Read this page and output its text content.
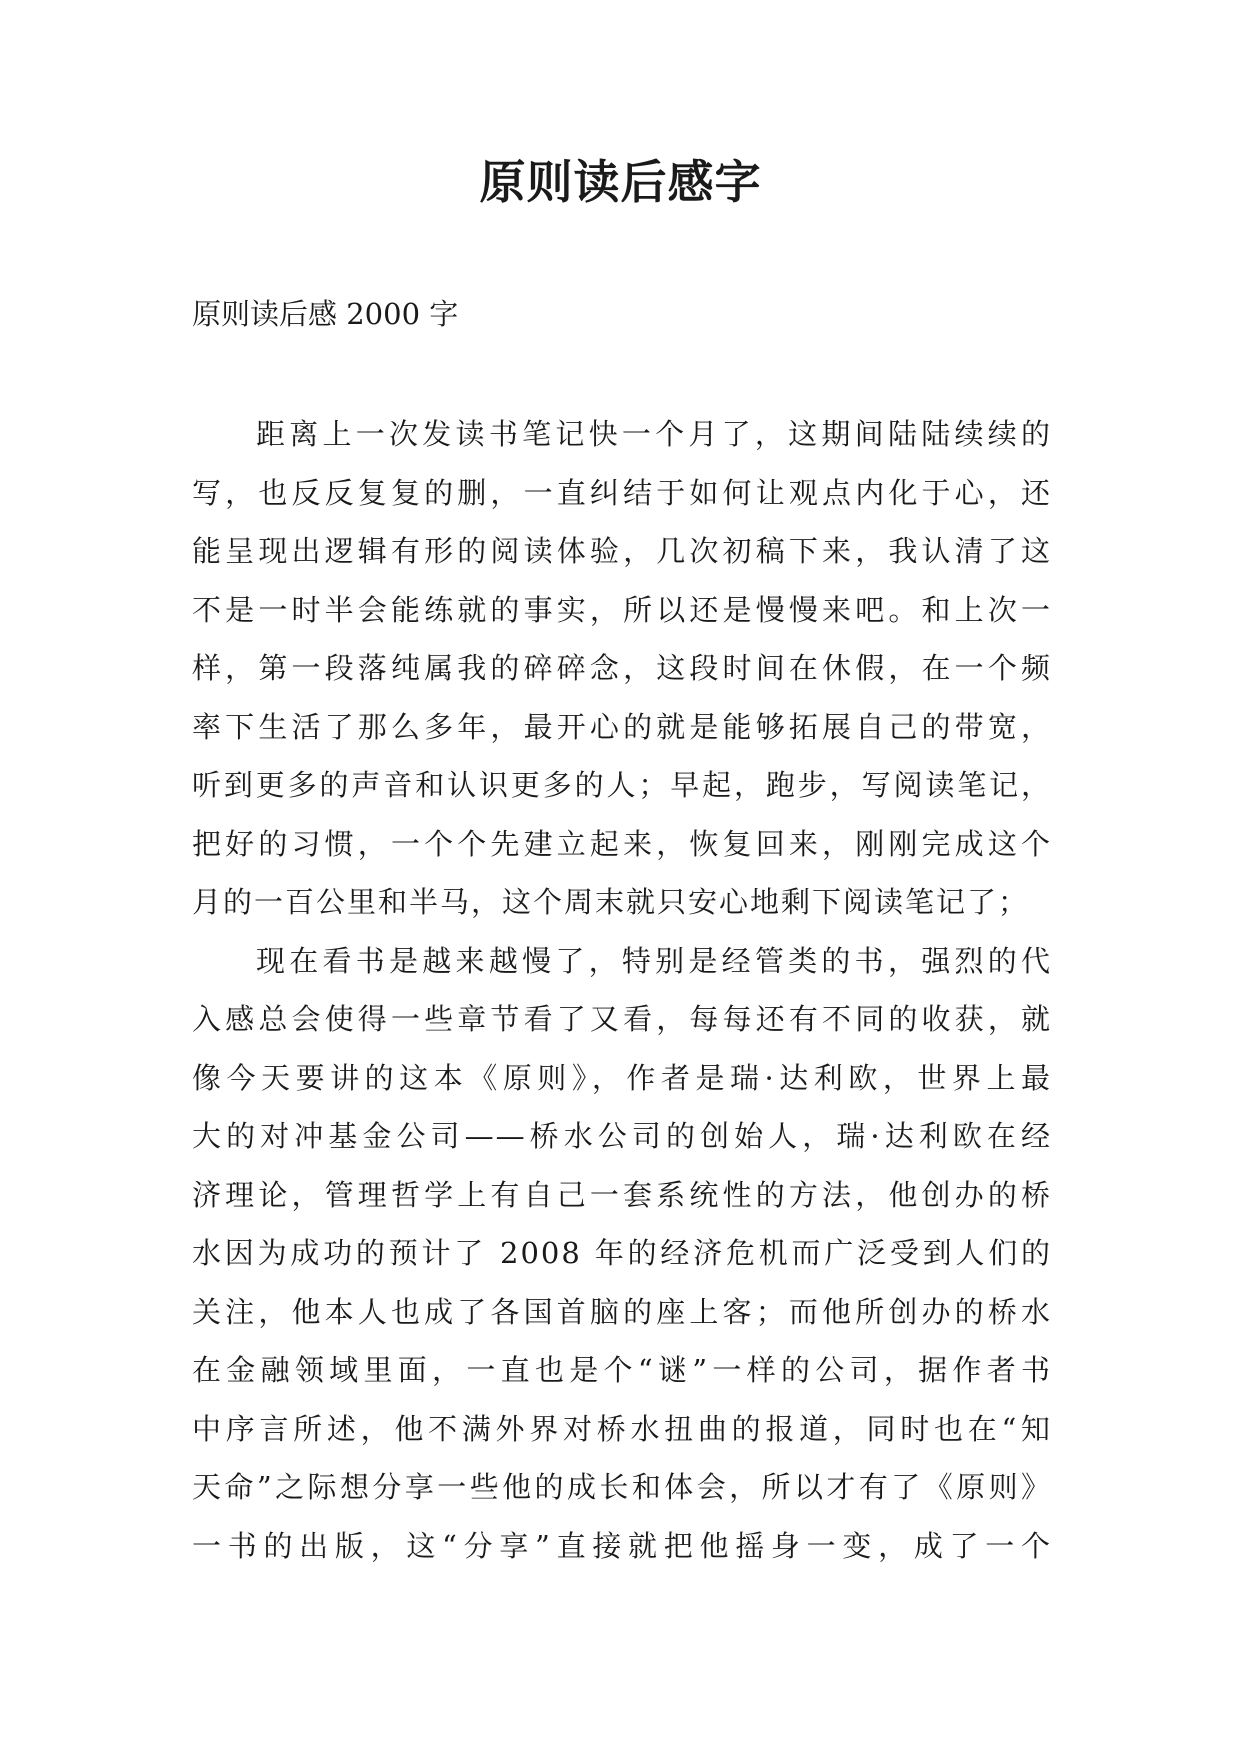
原则读后感字

原则读后感 2000 字

距离上一次发读书笔记快一个月了，这期间陆陆续续的
写，也反反复复的删，一直纠结于如何让观点内化于心，还
能呈现出逻辑有形的阅读体验，几次初稿下来，我认清了这
不是一时半会能练就的事实，所以还是慢慢来吧。和上次一
样，第一段落纯属我的碎碎念，这段时间在休假，在一个频
率下生活了那么多年，最开心的就是能够拓展自己的带宽，
听到更多的声音和认识更多的人；早起，跑步，写阅读笔记，
把好的习惯，一个个先建立起来，恢复回来，刚刚完成这个
月的一百公里和半马，这个周末就只安心地剩下阅读笔记了；
现在看书是越来越慢了，特别是经管类的书，强烈的代
入感总会使得一些章节看了又看，每每还有不同的收获，就
像今天要讲的这本《原则》，作者是瑞·达利欧，世界上最
大的对冲基金公司——桥水公司的创始人，瑞·达利欧在经
济理论，管理哲学上有自己一套系统性的方法，他创办的桥
水因为成功的预计了 2008 年的经济危机而广泛受到人们的
关注，他本人也成了各国首脑的座上客；而他所创办的桥水
在金融领域里面，一直也是个“谜”一样的公司，据作者书
中序言所述，他不满外界对桥水扭曲的报道，同时也在“知
天命”之际想分享一些他的成长和体会，所以才有了《原则》
一书的出版，这“分享”直接就把他摇身一变，成了一个
